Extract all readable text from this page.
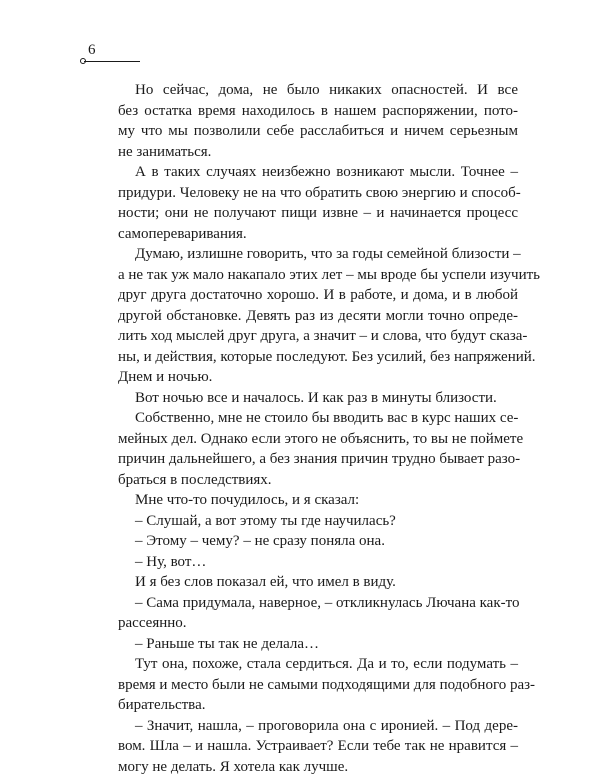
6

Но сейчас, дома, не было никаких опасностей. И все

без остатка время находилось в нашем распоряжении, пото-

му что мы позволили себе расслабиться и ничем серьезным

не заниматься.

А в таких случаях неизбежно возникают мысли. Точнее –

придури. Человеку не на что обратить свою энергию и способ-

ности; они не получают пищи извне – и начинается процесс

самопереваривания.

Думаю, излишне говорить, что за годы семейной близости –

а не так уж мало накапало этих лет – мы вроде бы успели изучить

друг друга достаточно хорошо. И в работе, и дома, и в любой

другой обстановке. Девять раз из десяти могли точно опреде-

лить ход мыслей друг друга, а значит – и слова, что будут сказа-

ны, и действия, которые последуют. Без усилий, без напряжений.

Днем и ночью.

Вот ночью все и началось. И как раз в минуты близости.

Собственно, мне не стоило бы вводить вас в курс наших се-

мейных дел. Однако если этого не объяснить, то вы не поймете

причин дальнейшего, а без знания причин трудно бывает разо-

браться в последствиях.

Мне что-то почудилось, и я сказал:

– Слушай, а вот этому ты где научилась?

– Этому – чему? – не сразу поняла она.

– Ну, вот…

И я без слов показал ей, что имел в виду.

– Сама придумала, наверное, – откликнулась Лючана как-то

рассеянно.

– Раньше ты так не делала…

Тут она, похоже, стала сердиться. Да и то, если подумать –

время и место были не самыми подходящими для подобного раз-

бирательства.

– Значит, нашла, – проговорила она с иронией. – Под дере-

вом. Шла – и нашла. Устраивает? Если тебе так не нравится –

могу не делать. Я хотела как лучше.
